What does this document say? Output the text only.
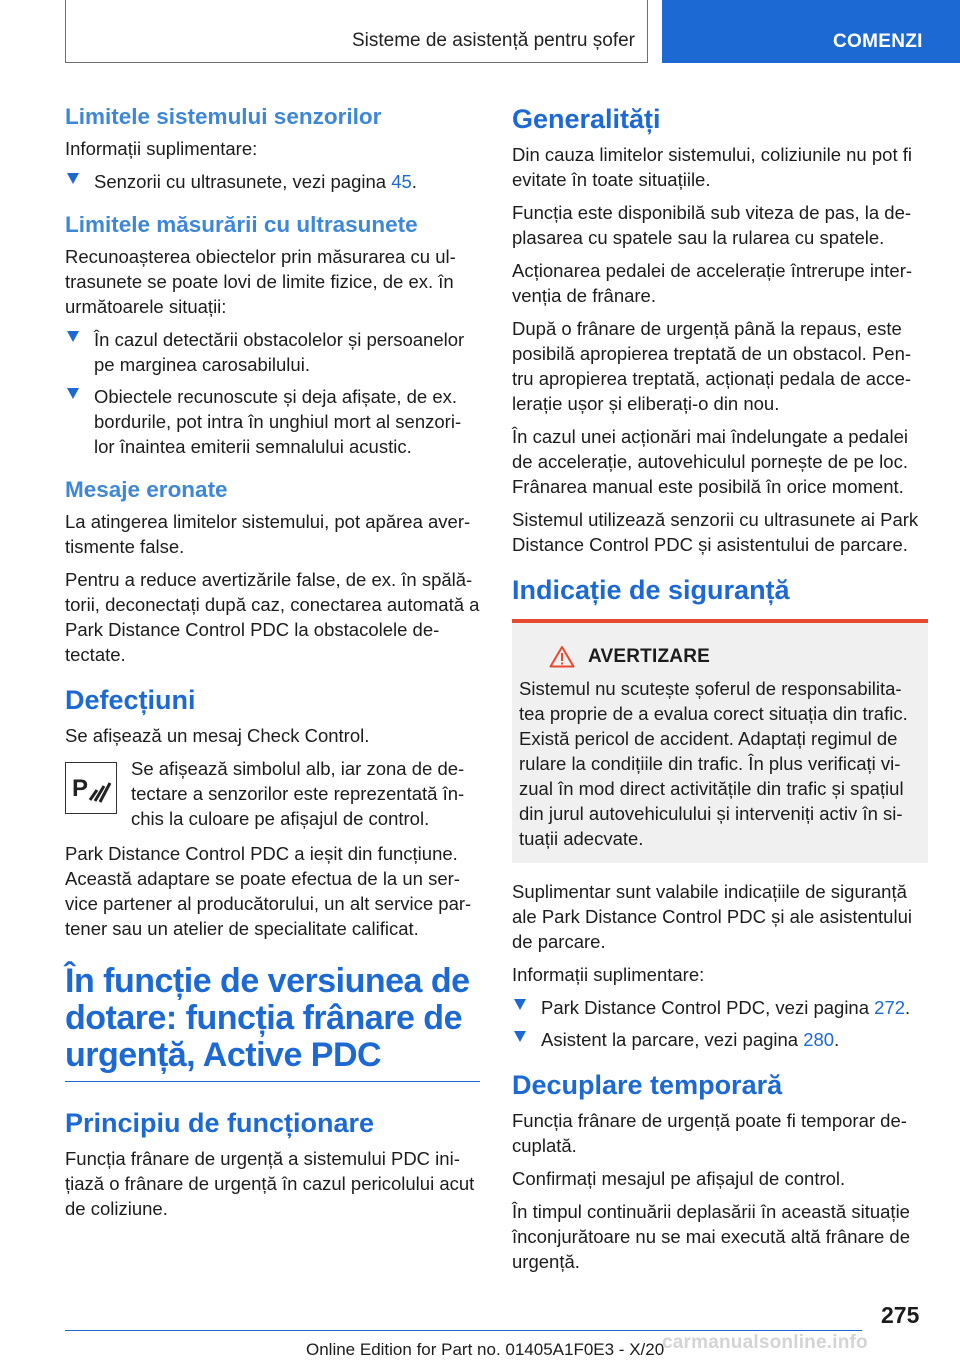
Sisteme de asistență pentru șofer	COMENZI
Limitele sistemului senzorilor

Informații suplimentare:

Senzorii cu ultrasunete, vezi pagina 45.
Limitele măsurării cu ultrasunete

Recunoașterea obiectelor prin măsurarea cu ul-trasunete se poate lovi de limite fizice, de ex. în următoarele situații:

În cazul detectării obstacolelor și persoanelor pe marginea carosabilului.
Obiectele recunoscute și deja afișate, de ex. bordurile, pot intra în unghiul mort al senzori-lor înaintea emiterii semnalului acustic.
Mesaje eronate

La atingerea limitelor sistemului, pot apărea aver-tismente false.

Pentru a reduce avertizările false, de ex. în spălă-torii, deconectați după caz, conectarea automată a Park Distance Control PDC la obstacolele de-tectate.

Defecțiuni

Se afișează un mesaj Check Control.

P

Se afișează simbolul alb, iar zona de de-tectare a senzorilor este reprezentată în-chis la culoare pe afișajul de control.

Park Distance Control PDC a ieșit din funcțiune. Această adaptare se poate efectua de la un ser-vice partener al producătorului, un alt service par-tener sau un atelier de specialitate calificat.

În funcție de versiunea de dotare: funcția frânare de urgență, Active PDC
Principiu de funcționare

Funcția frânare de urgență a sistemului PDC ini-țiază o frânare de urgență în cazul pericolului acut de coliziune.

Generalități

Din cauza limitelor sistemului, coliziunile nu pot fi evitate în toate situațiile.

Funcția este disponibilă sub viteza de pas, la de-plasarea cu spatele sau la rularea cu spatele.

Acționarea pedalei de accelerație întrerupe inter-venția de frânare.

După o frânare de urgență până la repaus, este posibilă apropierea treptată de un obstacol. Pen-tru apropierea treptată, acționați pedala de acce-lerație ușor și eliberați-o din nou.

În cazul unei acționări mai îndelungate a pedalei de accelerație, autovehiculul pornește de pe loc. Frânarea manual este posibilă în orice moment.

Sistemul utilizează senzorii cu ultrasunete ai Park Distance Control PDC și asistentului de parcare.

Indicație de siguranță
AVERTIZARE

Sistemul nu scutește șoferul de responsabilita-tea proprie de a evalua corect situația din trafic. Există pericol de accident. Adaptați regimul de rulare la condițiile din trafic. În plus verificați vi-zual în mod direct activitățile din trafic și spațiul din jurul autovehiculului și interveniți activ în si-tuații adecvate.

Suplimentar sunt valabile indicațiile de siguranță ale Park Distance Control PDC și ale asistentului de parcare.

Informații suplimentare:

Park Distance Control PDC, vezi pagina 272.
Asistent la parcare, vezi pagina 280.
Decuplare temporară

Funcția frânare de urgență poate fi temporar de-cuplată.

Confirmați mesajul pe afișajul de control.

În timpul continuării deplasării în această situație înconjurătoare nu se mai execută altă frânare de urgență.

275
carmanualsonline.info
Online Edition for Part no. 01405A1F0E3 - X/20
